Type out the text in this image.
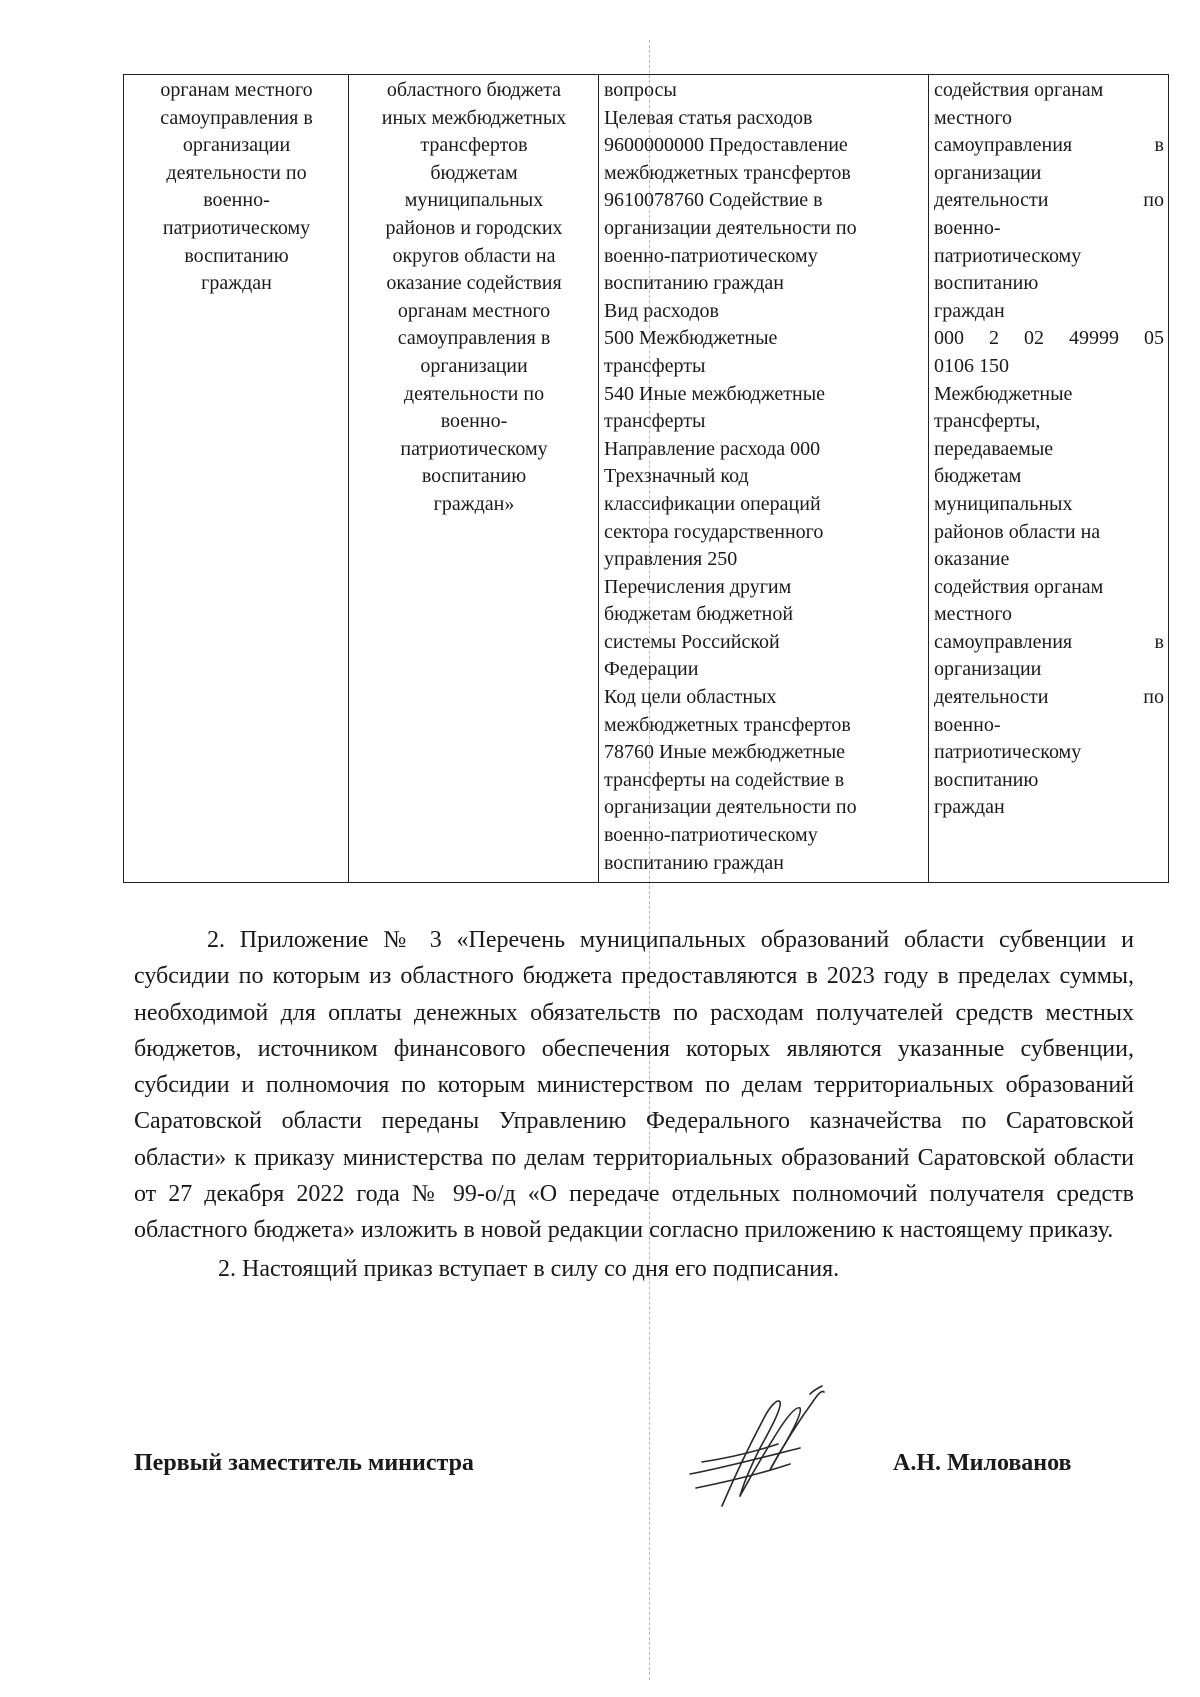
органам местного
самоуправления в
организации
деятельности по
военно-
патриотическому
воспитанию
граждан

областного бюджета
иных межбюджетных
трансфертов
бюджетам
муниципальных
районов и городских
округов области на
оказание содействия
органам местного
самоуправления в
организации
деятельности по
военно-
патриотическому
воспитанию
граждан»

вопросы
Целевая статья расходов
9600000000 Предоставление
межбюджетных трансфертов
9610078760 Содействие в
организации деятельности по
военно-патриотическому
воспитанию граждан
Вид расходов
500 Межбюджетные
трансферты
540 Иные межбюджетные
трансферты
Направление расхода 000
Трехзначный код
классификации операций
сектора государственного
управления 250
Перечисления другим
бюджетам бюджетной
системы Российской
Федерации
Код цели областных
межбюджетных трансфертов
78760 Иные межбюджетные
трансферты на содействие в
организации деятельности по
военно-патриотическому
воспитанию граждан

содействия органам
местного
самоуправления в
организации
деятельности по
военно-
патриотическому
воспитанию
граждан
000 2 02 49999 05
0106 150
Межбюджетные
трансферты,
передаваемые
бюджетам
муниципальных
районов области на
оказание
содействия органам
местного
самоуправления в
организации
деятельности по
военно-
патриотическому
воспитанию
граждан

2. Приложение № 3 «Перечень муниципальных образований области субвенции и субсидии по которым из областного бюджета предоставляются в 2023 году в пределах суммы, необходимой для оплаты денежных обязательств по расходам получателей средств местных бюджетов, источником финансового обеспечения которых являются указанные субвенции, субсидии и полномочия по которым министерством по делам территориальных образований Саратовской области переданы Управлению Федерального казначейства по Саратовской области» к приказу министерства по делам территориальных образований Саратовской области от 27 декабря 2022 года № 99-о/д «О передаче отдельных полномочий получателя средств областного бюджета» изложить в новой редакции согласно приложению к настоящему приказу.

2. Настоящий приказ вступает в силу со дня его подписания.

Первый заместитель министра	А.Н. Милованов
